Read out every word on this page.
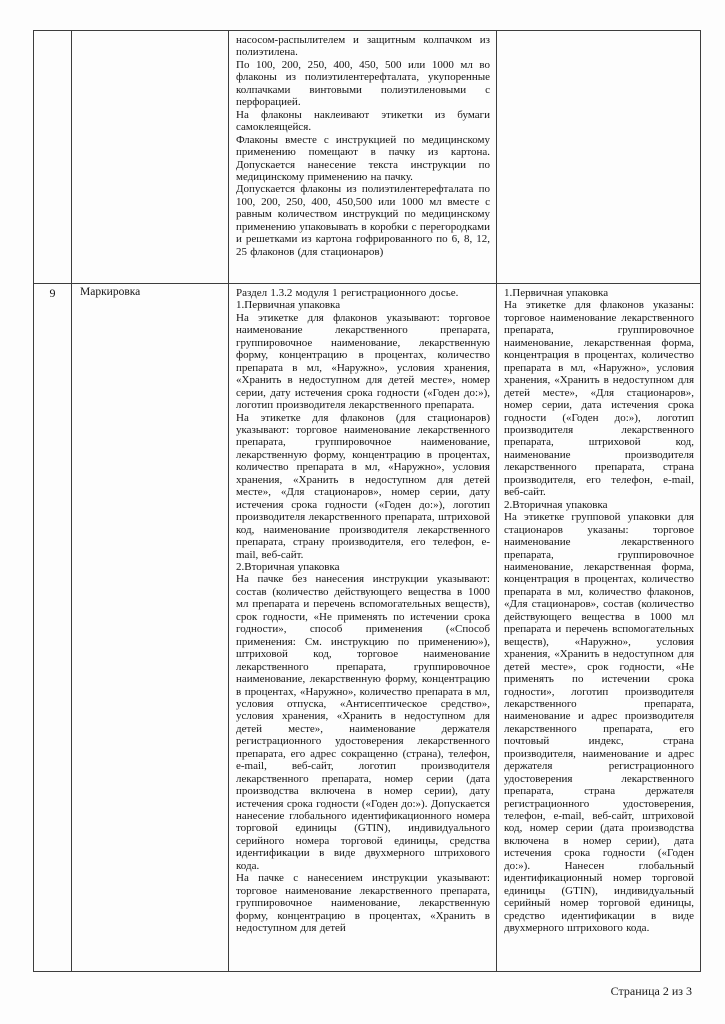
насосом-распылителем и защитным колпачком из полиэтилена.

По 100, 200, 250, 400, 450, 500 или 1000 мл во флаконы из полиэтилентерефталата, укупоренные колпачками винтовыми полиэтиленовыми с перфорацией.

На флаконы наклеивают этикетки из бумаги самоклеящейся.

Флаконы вместе с инструкцией по медицинскому применению помещают в пачку из картона. Допускается нанесение текста инструкции по медицинскому применению на пачку.

Допускается флаконы из полиэтилентерефталата по 100, 200, 250, 400, 450,500 или 1000 мл вместе с равным количеством инструкций по медицинскому применению упаковывать в коробки с перегородками и решетками из картона гофрированного по 6, 8, 12, 25 флаконов (для стационаров)

9	Маркировка	Раздел 1.3.2 модуля 1 регистрационного досье.

1.Первичная упаковка

На этикетке для флаконов указывают: торговое наименование лекарственного препарата, группировочное наименование, лекарственную форму, концентрацию в процентах, количество препарата в мл, «Наружно», условия хранения, «Хранить в недоступном для детей месте», номер серии, дату истечения срока годности («Годен до:»), логотип производителя лекарственного препарата.

На этикетке для флаконов (для стационаров) указывают: торговое наименование лекарственного препарата, группировочное наименование, лекарственную форму, концентрацию в процентах, количество препарата в мл, «Наружно», условия хранения, «Хранить в недоступном для детей месте», «Для стационаров», номер серии, дату истечения срока годности («Годен до:»), логотип производителя лекарственного препарата, штриховой код, наименование производителя лекарственного препарата, страну производителя, его телефон, e-mail, веб-сайт.

2.Вторичная упаковка

На пачке без нанесения инструкции указывают: состав (количество действующего вещества в 1000 мл препарата и перечень вспомогательных веществ), срок годности, «Не применять по истечении срока годности», способ применения («Способ применения: См. инструкцию по применению»), штриховой код, торговое наименование лекарственного препарата, группировочное наименование, лекарственную форму, концентрацию в процентах, «Наружно», количество препарата в мл, условия отпуска, «Антисептическое средство», условия хранения, «Хранить в недоступном для детей месте», наименование держателя регистрационного удостоверения лекарственного препарата, его адрес сокращенно (страна), телефон, e-mail, веб-сайт, логотип производителя лекарственного препарата, номер серии (дата производства включена в номер серии), дату истечения срока годности («Годен до:»). Допускается нанесение глобального идентификационного номера торговой единицы (GTIN), индивидуального серийного номера торговой единицы, средства идентификации в виде двухмерного штрихового кода.

На пачке с нанесением инструкции указывают: торговое наименование лекарственного препарата, группировочное наименование, лекарственную форму, концентрацию в процентах, «Хранить в недоступном для детей

1.Первичная упаковка

На этикетке для флаконов указаны: торговое наименование лекарственного препарата, группировочное наименование, лекарственная форма, концентрация в процентах, количество препарата в мл, «Наружно», условия хранения, «Хранить в недоступном для детей месте», «Для стационаров», номер серии, дата истечения срока годности («Годен до:»), логотип производителя лекарственного препарата, штриховой код, наименование производителя лекарственного препарата, страна производителя, его телефон, e-mail, веб-сайт.

2.Вторичная упаковка

На этикетке групповой упаковки для стационаров указаны: торговое наименование лекарственного препарата, группировочное наименование, лекарственная форма, концентрация в процентах, количество препарата в мл, количество флаконов, «Для стационаров», состав (количество действующего вещества в 1000 мл препарата и перечень вспомогательных веществ), «Наружно», условия хранения, «Хранить в недоступном для детей месте», срок годности, «Не применять по истечении срока годности», логотип производителя лекарственного препарата, наименование и адрес производителя лекарственного препарата, его почтовый индекс, страна производителя, наименование и адрес держателя регистрационного удостоверения лекарственного препарата, страна держателя регистрационного удостоверения, телефон, e-mail, веб-сайт, штриховой код, номер серии (дата производства включена в номер серии), дата истечения срока годности («Годен до:»). Нанесен глобальный идентификационный номер торговой единицы (GTIN), индивидуальный серийный номер торговой единицы, средство идентификации в виде двухмерного штрихового кода.

Страница 2 из 3
